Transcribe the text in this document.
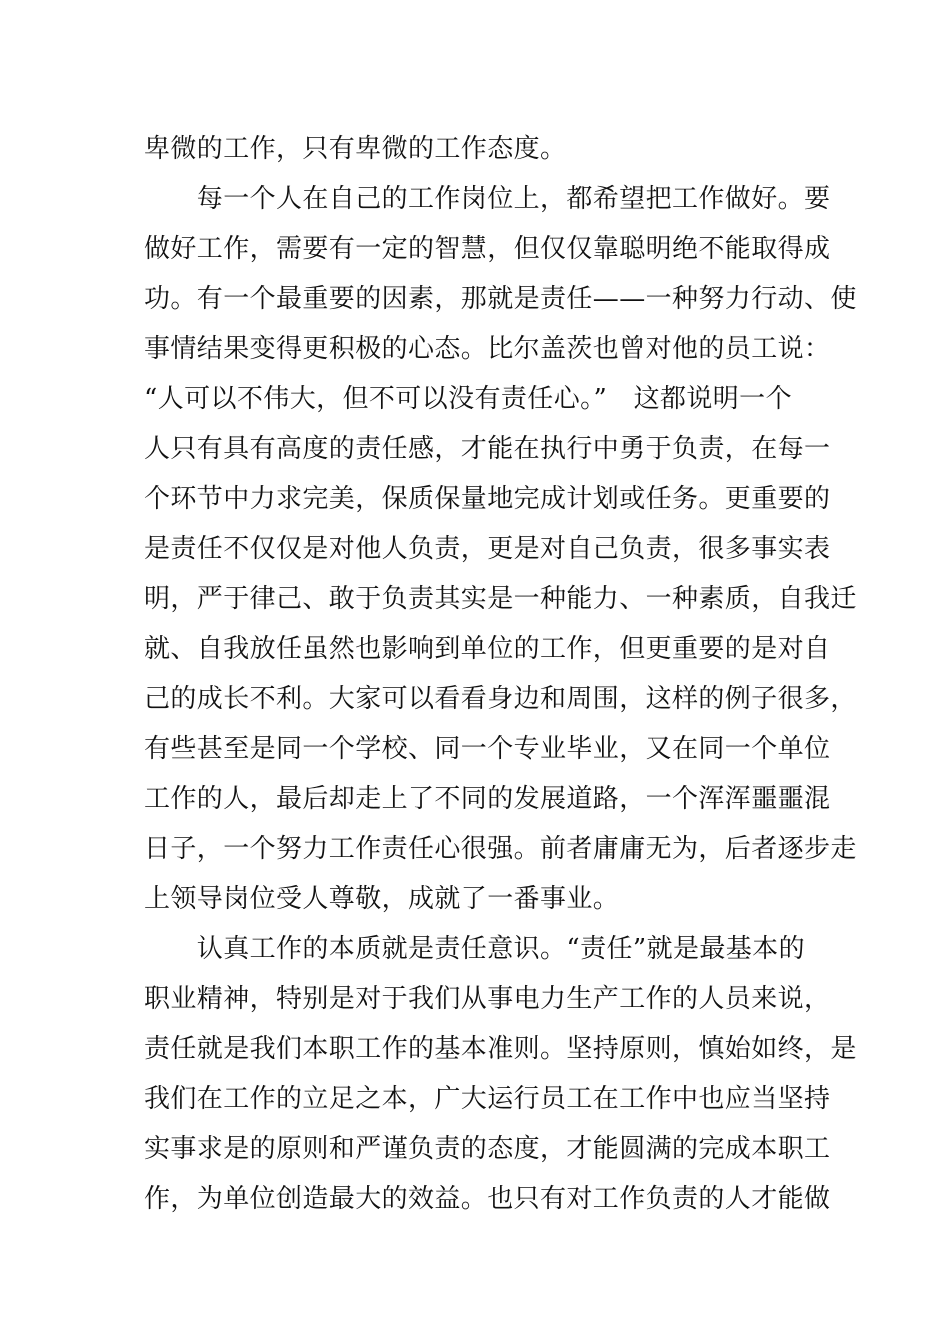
卑微的工作，只有卑微的工作态度。
　　每一个人在自己的工作岗位上，都希望把工作做好。要
做好工作，需要有一定的智慧，但仅仅靠聪明绝不能取得成
功。有一个最重要的因素，那就是责任——一种努力行动、使
事情结果变得更积极的心态。比尔盖茨也曾对他的员工说：
“人可以不伟大，但不可以没有责任心。”　这都说明一个
人只有具有高度的责任感，才能在执行中勇于负责，在每一
个环节中力求完美，保质保量地完成计划或任务。更重要的
是责任不仅仅是对他人负责，更是对自己负责，很多事实表
明，严于律己、敢于负责其实是一种能力、一种素质，自我迁
就、自我放任虽然也影响到单位的工作，但更重要的是对自
己的成长不利。大家可以看看身边和周围，这样的例子很多，
有些甚至是同一个学校、同一个专业毕业，又在同一个单位
工作的人，最后却走上了不同的发展道路，一个浑浑噩噩混
日子，一个努力工作责任心很强。前者庸庸无为，后者逐步走
上领导岗位受人尊敬，成就了一番事业。
　　认真工作的本质就是责任意识。“责任”就是最基本的
职业精神，特别是对于我们从事电力生产工作的人员来说，
责任就是我们本职工作的基本准则。坚持原则，慎始如终，是
我们在工作的立足之本，广大运行员工在工作中也应当坚持
实事求是的原则和严谨负责的态度，才能圆满的完成本职工
作，为单位创造最大的效益。也只有对工作负责的人才能做
